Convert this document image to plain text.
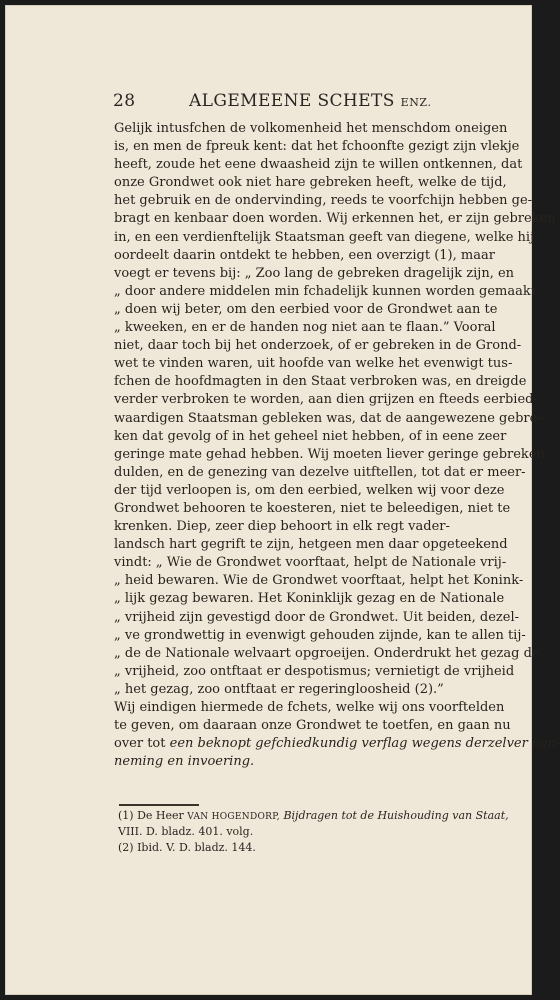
28	ALGEMEENE SCHETS ENZ.
Gelijk intusfchen de volkomenheid het menschdom oneigen
is, en men de fpreuk kent: dat het fchoonfte gezigt zijn vlekje
heeft, zoude het eene dwaasheid zijn te willen ontkennen, dat
onze Grondwet ook niet hare gebreken heeft, welke de tijd,
het gebruik en de ondervinding, reeds te voorfchijn hebben ge-
bragt en kenbaar doen worden. Wij erkennen het, er zijn gebreken
in, en een verdienftelijk Staatsman geeft van diegene, welke hij
oordeelt daarin ontdekt te hebben, een overzigt (1), maar
voegt er tevens bij: „ Zoo lang de gebreken dragelijk zijn, en
„ door andere middelen min fchadelijk kunnen worden gemaakt,
„ doen wij beter, om den eerbied voor de Grondwet aan te
„ kweeken, en er de handen nog niet aan te flaan.” Vooral
niet, daar toch bij het onderzoek, of er gebreken in de Grond-
wet te vinden waren, uit hoofde van welke het evenwigt tus-
fchen de hoofdmagten in den Staat verbroken was, en dreigde
verder verbroken te worden, aan dien grijzen en fteeds eerbied-
waardigen Staatsman gebleken was, dat de aangewezene gebre-
ken dat gevolg of in het geheel niet hebben, of in eene zeer
geringe mate gehad hebben. Wij moeten liever geringe gebreken
dulden, en de genezing van dezelve uitftellen, tot dat er meer-
der tijd verloopen is, om den eerbied, welken wij voor deze
Grondwet behooren te koesteren, niet te beleedigen, niet te
krenken. Diep, zeer diep behoort in elk regt vader-
landsch hart gegrift te zijn, hetgeen men daar opgeteekend
vindt: „ Wie de Grondwet voorftaat, helpt de Nationale vrij-
„ heid bewaren. Wie de Grondwet voorftaat, helpt het Konink-
„ lijk gezag bewaren. Het Koninklijk gezag en de Nationale
„ vrijheid zijn gevestigd door de Grondwet. Uit beiden, dezel-
„ ve grondwettig in evenwigt gehouden zijnde, kan te allen tij-
„ de de Nationale welvaart opgroeijen. Onderdrukt het gezag de
„ vrijheid, zoo ontftaat er despotismus; vernietigt de vrijheid
„ het gezag, zoo ontftaat er regeringloosheid (2).”
Wij eindigen hiermede de fchets, welke wij ons voorftelden
te geven, om daaraan onze Grondwet te toetfen, en gaan nu
over tot een beknopt gefchiedkundig verflag wegens derzelver aan-
neming en invoering.
(1) De Heer VAN HOGENDORP, Bijdragen tot de Huishouding van Staat,
VIII. D. bladz. 401. volg.
(2) Ibid. V. D. bladz. 144.
